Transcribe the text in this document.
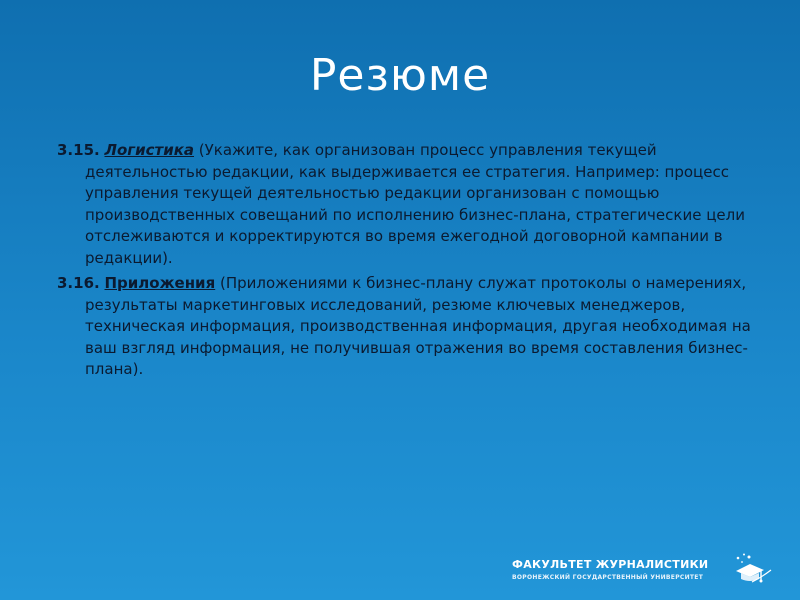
Резюме

3.15. Логистика (Укажите, как организован процесс управления текущей деятельностью редакции, как выдерживается ее стратегия. Например: процесс управления текущей деятельностью редакции организован с помощью производственных совещаний по исполнению бизнес-плана, стратегические цели отслеживаются и корректируются во время ежегодной договорной кампании в редакции).

3.16. Приложения (Приложениями к бизнес-плану служат протоколы о намерениях, результаты маркетинговых исследований, резюме ключевых менеджеров, техническая информация, производственная информация, другая необходимая на ваш взгляд информация, не получившая отражения во время составления бизнес-плана).

ФАКУЛЬТЕТ ЖУРНАЛИСТИКИ
ВОРОНЕЖСКИЙ ГОСУДАРСТВЕННЫЙ УНИВЕРСИТЕТ
